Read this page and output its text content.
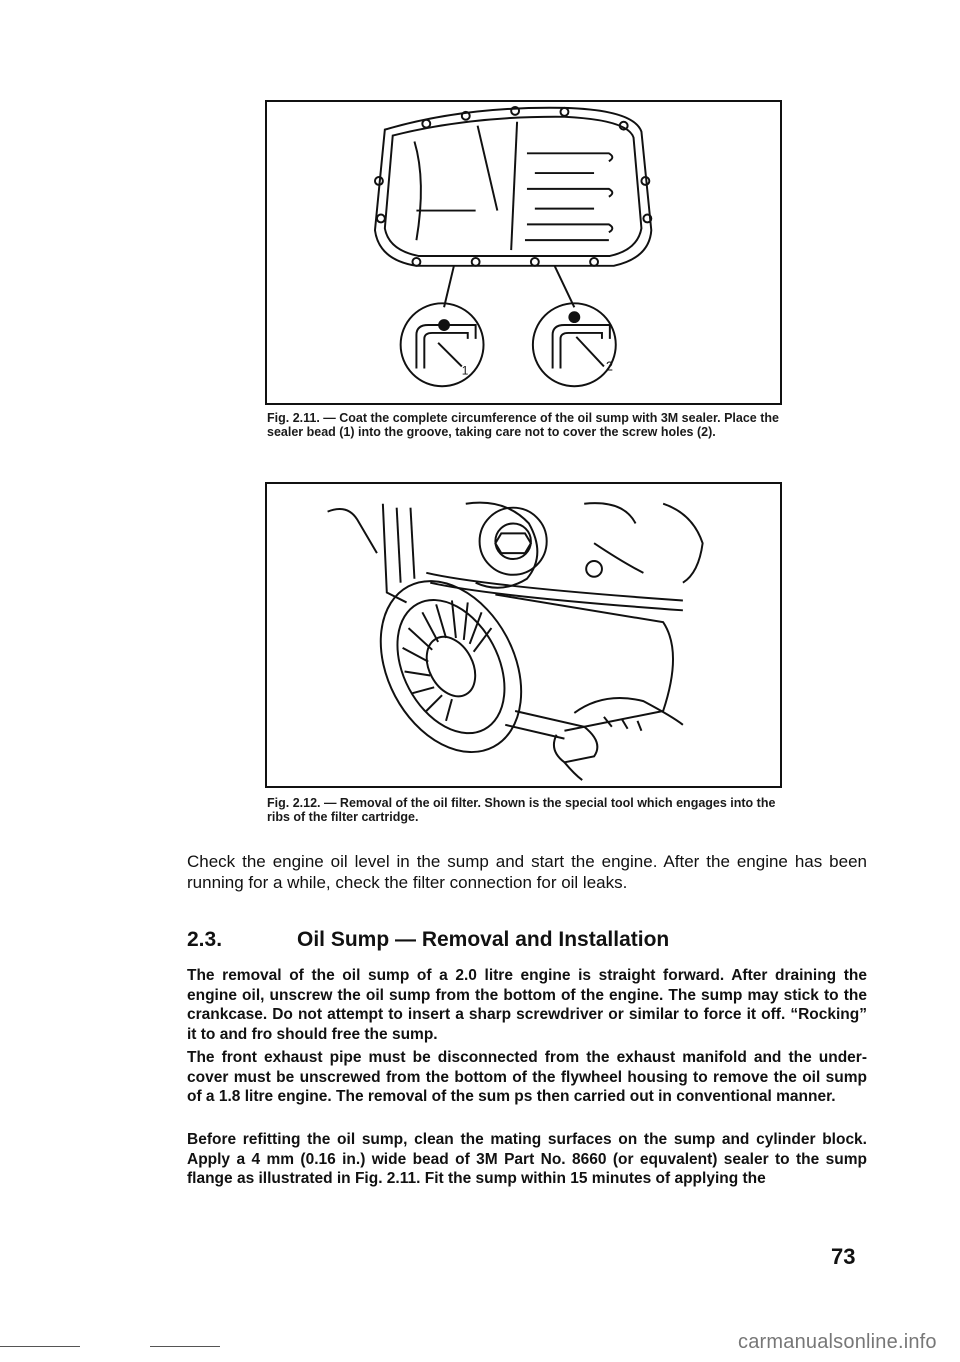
1	2
Fig. 2.11. — Coat the complete circumference of the oil sump with 3M sealer. Place the sealer bead (1) into the groove, taking care not to cover the screw holes (2).
Fig. 2.12. — Removal of the oil filter. Shown is the special tool which engages into the ribs of the filter cartridge.

Check the engine oil level in the sump and start the engine. After the engine has been running for a while, check the filter connection for oil leaks.

2.3.	Oil Sump — Removal and Installation

The removal of the oil sump of a 2.0 litre engine is straight forward. After draining the engine oil, unscrew the oil sump from the bottom of the engine. The sump may stick to the crankcase. Do not attempt to insert a sharp screwdriver or similar to force it off. “Rocking” it to and fro should free the sump.

The front exhaust pipe must be disconnected from the exhaust manifold and the under-cover must be unscrewed from the bottom of the flywheel housing to remove the oil sump of a 1.8 litre engine. The removal of the sum ps then carried out in conventional manner.

Before refitting the oil sump, clean the mating surfaces on the sump and cylinder block. Apply a 4 mm (0.16 in.) wide bead of 3M Part No. 8660 (or equvalent) sealer to the sump flange as illustrated in Fig. 2.11. Fit the sump within 15 minutes of applying the

73
carmanualsonline.info
